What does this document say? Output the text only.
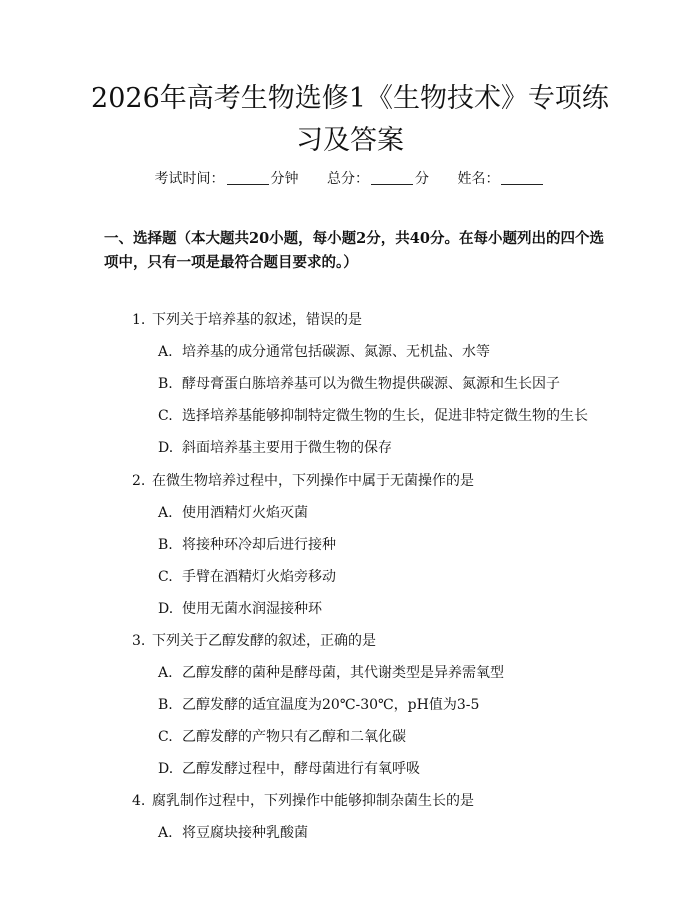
2026年高考生物选修1《生物技术》专项练习及答案
考试时间：	分钟 总分：	分 姓名：
一、选择题（本大题共20小题，每小题2分，共40分。在每小题列出的四个选项中，只有一项是最符合题目要求的。）
1. 下列关于培养基的叙述，错误的是
A. 培养基的成分通常包括碳源、氮源、无机盐、水等
B. 酵母膏蛋白胨培养基可以为微生物提供碳源、氮源和生长因子
C. 选择培养基能够抑制特定微生物的生长，促进非特定微生物的生长
D. 斜面培养基主要用于微生物的保存
2. 在微生物培养过程中，下列操作中属于无菌操作的是
A. 使用酒精灯火焰灭菌
B. 将接种环冷却后进行接种
C. 手臂在酒精灯火焰旁移动
D. 使用无菌水润湿接种环
3. 下列关于乙醇发酵的叙述，正确的是
A. 乙醇发酵的菌种是酵母菌，其代谢类型是异养需氧型
B. 乙醇发酵的适宜温度为20℃-30℃，pH值为3-5
C. 乙醇发酵的产物只有乙醇和二氧化碳
D. 乙醇发酵过程中，酵母菌进行有氧呼吸
4. 腐乳制作过程中，下列操作中能够抑制杂菌生长的是
A. 将豆腐块接种乳酸菌
